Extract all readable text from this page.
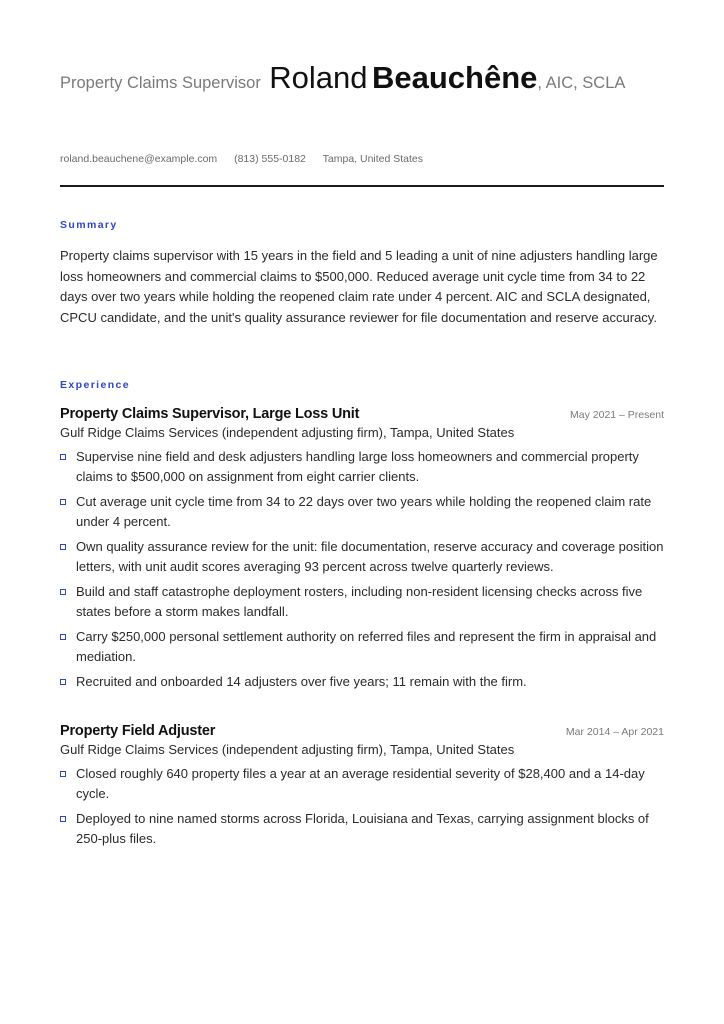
Property Claims Supervisor Roland Beauchêne, AIC, SCLA
roland.beauchene@example.com (813) 555-0182 Tampa, United States
Summary
Property claims supervisor with 15 years in the field and 5 leading a unit of nine adjusters handling large loss homeowners and commercial claims to $500,000. Reduced average unit cycle time from 34 to 22 days over two years while holding the reopened claim rate under 4 percent. AIC and SCLA designated, CPCU candidate, and the unit's quality assurance reviewer for file documentation and reserve accuracy.
Experience
Property Claims Supervisor, Large Loss Unit	May 2021 – Present
Gulf Ridge Claims Services (independent adjusting firm), Tampa, United States
Supervise nine field and desk adjusters handling large loss homeowners and commercial property claims to $500,000 on assignment from eight carrier clients.
Cut average unit cycle time from 34 to 22 days over two years while holding the reopened claim rate under 4 percent.
Own quality assurance review for the unit: file documentation, reserve accuracy and coverage position letters, with unit audit scores averaging 93 percent across twelve quarterly reviews.
Build and staff catastrophe deployment rosters, including non-resident licensing checks across five states before a storm makes landfall.
Carry $250,000 personal settlement authority on referred files and represent the firm in appraisal and mediation.
Recruited and onboarded 14 adjusters over five years; 11 remain with the firm.
Property Field Adjuster	Mar 2014 – Apr 2021
Gulf Ridge Claims Services (independent adjusting firm), Tampa, United States
Closed roughly 640 property files a year at an average residential severity of $28,400 and a 14-day cycle.
Deployed to nine named storms across Florida, Louisiana and Texas, carrying assignment blocks of 250-plus files.
